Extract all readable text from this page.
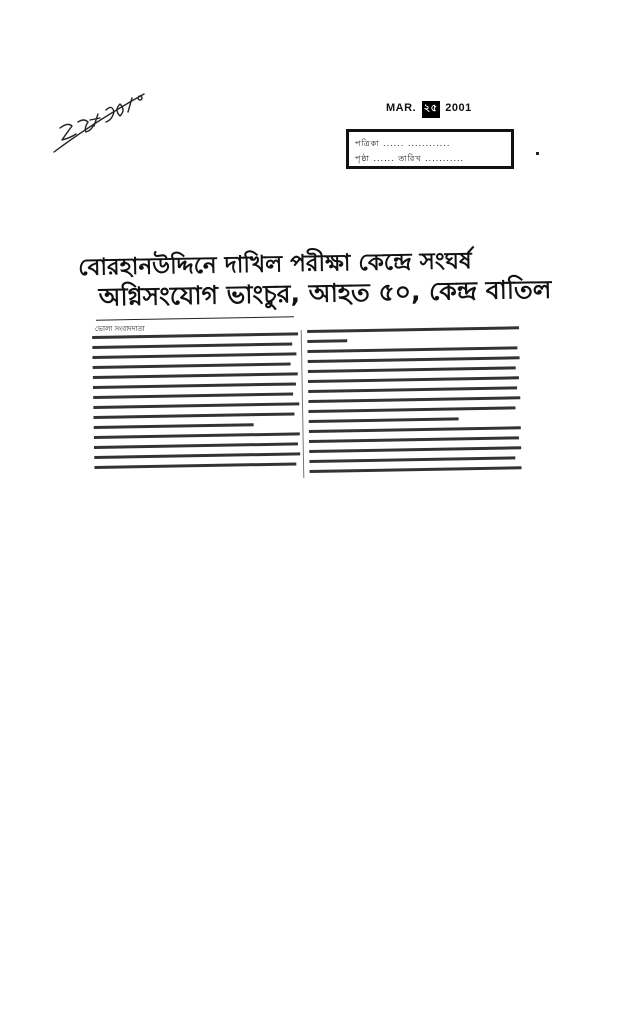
MAR. ২৫ 2001
পত্রিকা ...... ............
পৃষ্ঠা ...... তারিখ ...........
বোরহানউদ্দিনে দাখিল পরীক্ষা কেন্দ্রে সংঘর্ষ
অগ্নিসংযোগ ভাংচুর, আহত ৫০, কেন্দ্র বাতিল
ভোলা সংবাদদাতা
